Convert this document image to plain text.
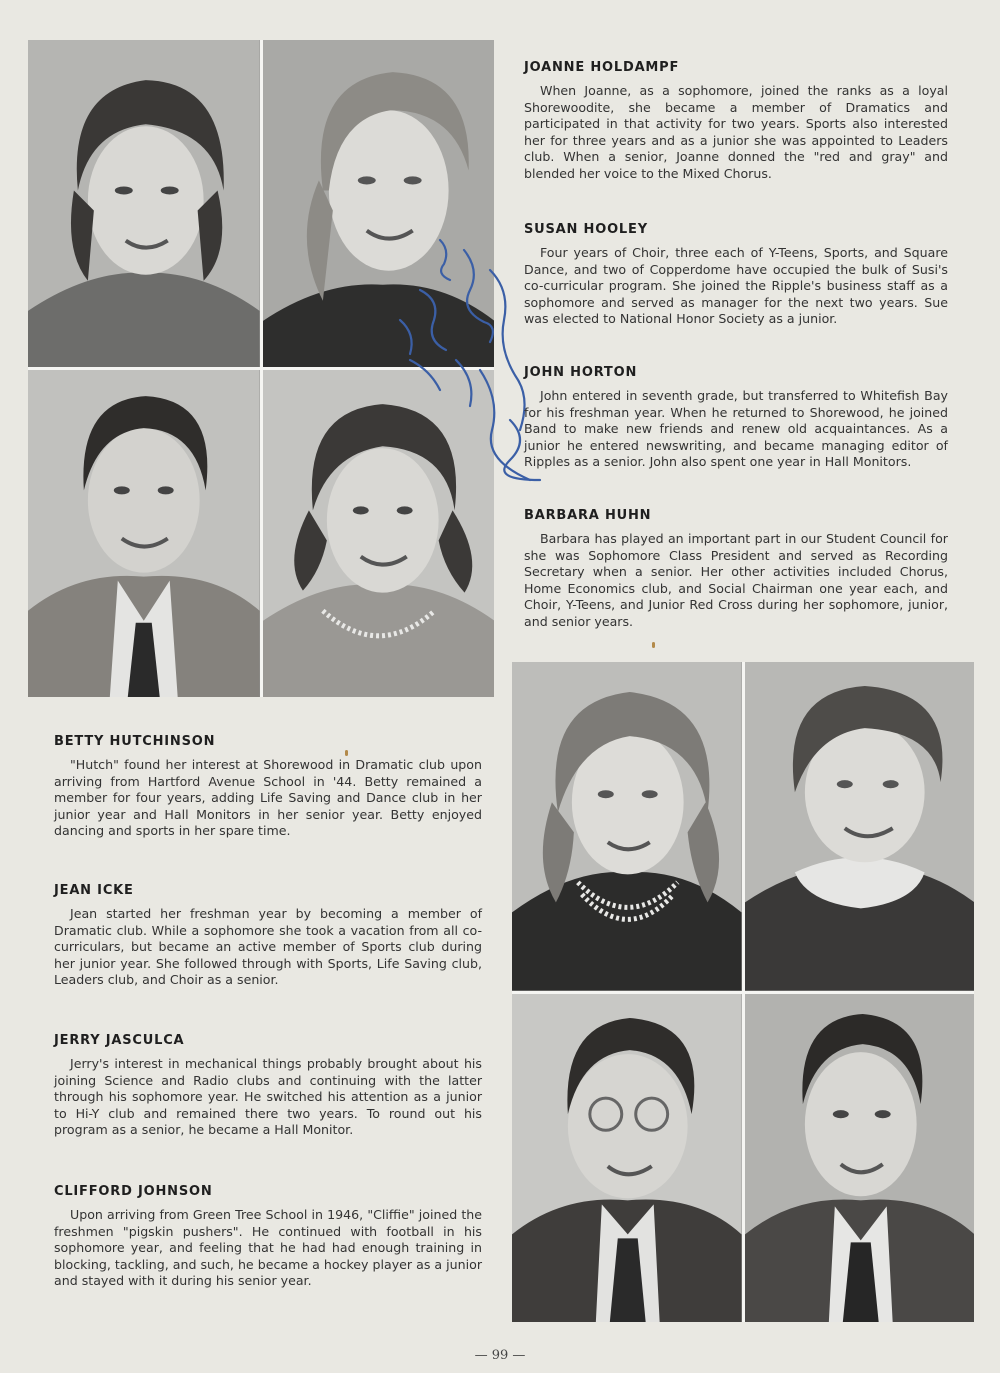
JOANNE HOLDAMPF

When Joanne, as a sophomore, joined the ranks as a loyal Shorewoodite, she became a member of Dramatics and participated in that activity for two years. Sports also interested her for three years and as a junior she was appointed to Leaders club. When a senior, Joanne donned the "red and gray" and blended her voice to the Mixed Chorus.

SUSAN HOOLEY

Four years of Choir, three each of Y-Teens, Sports, and Square Dance, and two of Copperdome have occupied the bulk of Susi's co-curricular program. She joined the Ripple's business staff as a sophomore and served as manager for the next two years. Sue was elected to National Honor Society as a junior.

JOHN HORTON

John entered in seventh grade, but transferred to Whitefish Bay for his freshman year. When he returned to Shorewood, he joined Band to make new friends and renew old acquaintances. As a junior he entered newswriting, and became managing editor of Ripples as a senior. John also spent one year in Hall Monitors.

BARBARA HUHN

Barbara has played an important part in our Student Council for she was Sophomore Class President and served as Recording Secretary when a senior. Her other activities included Chorus, Home Economics club, and Social Chairman one year each, and Choir, Y-Teens, and Junior Red Cross during her sophomore, junior, and senior years.

BETTY HUTCHINSON

"Hutch" found her interest at Shorewood in Dramatic club upon arriving from Hartford Avenue School in '44. Betty remained a member for four years, adding Life Saving and Dance club in her junior year and Hall Monitors in her senior year. Betty enjoyed dancing and sports in her spare time.

JEAN ICKE

Jean started her freshman year by becoming a member of Dramatic club. While a sophomore she took a vacation from all co-curriculars, but became an active member of Sports club during her junior year. She followed through with Sports, Life Saving club, Leaders club, and Choir as a senior.

JERRY JASCULCA

Jerry's interest in mechanical things probably brought about his joining Science and Radio clubs and continuing with the latter through his sophomore year. He switched his attention as a junior to Hi-Y club and remained there two years. To round out his program as a senior, he became a Hall Monitor.

CLIFFORD JOHNSON

Upon arriving from Green Tree School in 1946, "Cliffie" joined the freshmen "pigskin pushers". He continued with football in his sophomore year, and feeling that he had had enough training in blocking, tackling, and such, he became a hockey player as a junior and stayed with it during his senior year.

— 99 —
